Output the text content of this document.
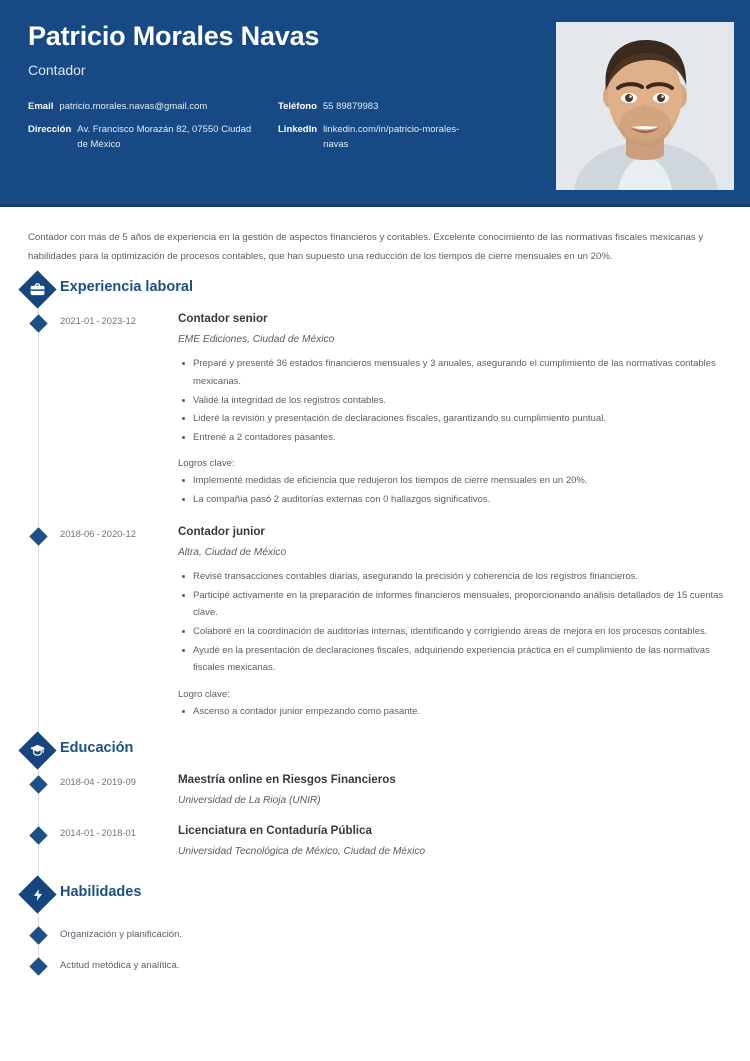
Patricio Morales Navas
Contador
Email patricio.morales.navas@gmail.com
Dirección Av. Francisco Morazán 82, 07550 Ciudad de México
Teléfono 55 89879983
LinkedIn linkedin.com/in/patricio-morales-navas

Contador con más de 5 años de experiencia en la gestión de aspectos financieros y contables. Excelente conocimiento de las normativas fiscales mexicanas y habilidades para la optimización de procesos contables, que han supuesto una reducción de los tiempos de cierre mensuales en un 20%.

Experiencia laboral
2021-01 - 2023-12	Contador senior
EME Ediciones, Ciudad de México
Preparé y presenté 36 estados financieros mensuales y 3 anuales, asegurando el cumplimiento de las normativas contables mexicanas.
Validé la integridad de los registros contables.
Lideré la revisión y presentación de declaraciones fiscales, garantizando su cumplimiento puntual.
Entrené a 2 contadores pasantes.
Logros clave:
Implementé medidas de eficiencia que redujeron los tiempos de cierre mensuales en un 20%.
La compañía pasó 2 auditorías externas con 0 hallazgos significativos.
2018-06 - 2020-12	Contador junior
Altra, Ciudad de México
Revisé transacciones contables diarias, asegurando la precisión y coherencia de los registros financieros.
Participé activamente en la preparación de informes financieros mensuales, proporcionando análisis detallados de 15 cuentas clave.
Colaboré en la coordinación de auditorías internas, identificando y corrigiendo áreas de mejora en los procesos contables.
Ayudé en la presentación de declaraciones fiscales, adquiriendo experiencia práctica en el cumplimiento de las normativas fiscales mexicanas.
Logro clave:
Ascenso a contador junior empezando como pasante.
Educación
2018-04 - 2019-09	Maestría online en Riesgos Financieros
Universidad de La Rioja (UNIR)
2014-01 - 2018-01	Licenciatura en Contaduría Pública
Universidad Tecnológica de México, Ciudad de México
Habilidades
Organización y planificación.
Actitud metódica y analítica.
